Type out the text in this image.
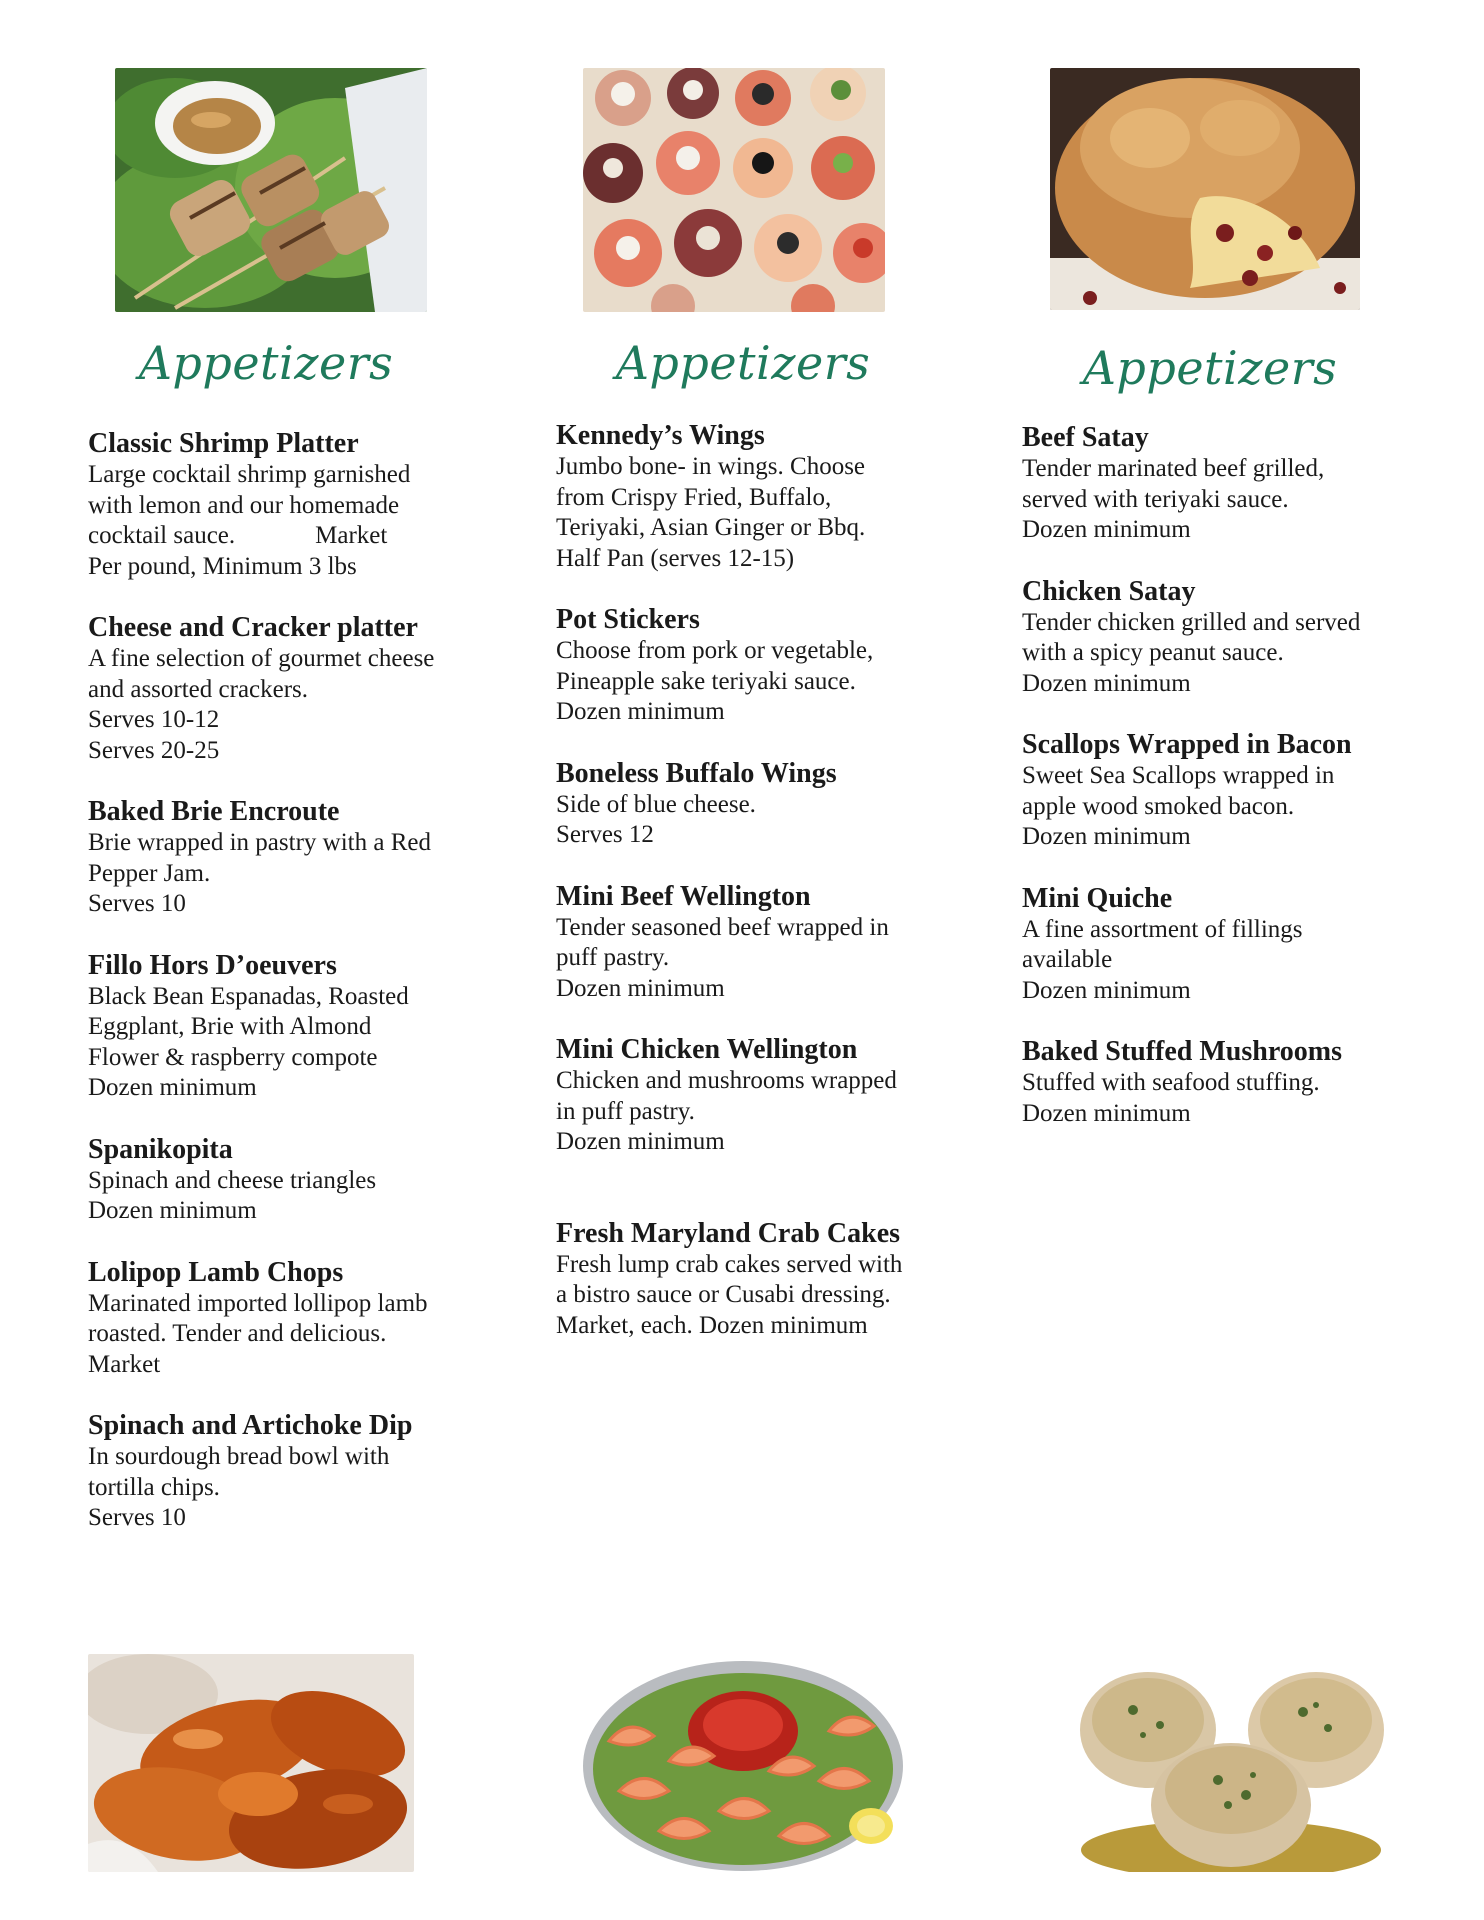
Appetizers	Appetizers	Appetizers

Classic Shrimp Platter

Large cocktail shrimp garnished

with lemon and our homemade

cocktail sauce.	Market

Per pound, Minimum 3 lbs

Cheese and Cracker platter

A fine selection of gourmet cheese

and assorted crackers.

Serves 10-12

Serves 20-25

Baked Brie Encroute

Brie wrapped in pastry with a Red

Pepper Jam.

Serves 10

Fillo Hors D’oeuvers

Black Bean Espanadas, Roasted

Eggplant, Brie with Almond

Flower & raspberry compote

Dozen minimum

Spanikopita

Spinach and cheese triangles

Dozen minimum

Lolipop Lamb Chops

Marinated imported lollipop lamb

roasted. Tender and delicious.

Market

Spinach and Artichoke Dip

In sourdough bread bowl with

tortilla chips.

Serves 10

Kennedy’s Wings

Jumbo bone- in wings. Choose

from Crispy Fried, Buffalo,

Teriyaki, Asian Ginger or Bbq.

Half Pan (serves 12-15)

Pot Stickers

Choose from pork or vegetable,

Pineapple sake teriyaki sauce.

Dozen minimum

Boneless Buffalo Wings

Side of blue cheese.

Serves 12

Mini Beef Wellington

Tender seasoned beef wrapped in

puff pastry.

Dozen minimum

Mini Chicken Wellington

Chicken and mushrooms wrapped

in puff pastry.

Dozen minimum

Fresh Maryland Crab Cakes

Fresh lump crab cakes served with

a bistro sauce or Cusabi dressing.

Market, each. Dozen minimum

Beef Satay

Tender marinated beef grilled,

served with teriyaki sauce.

Dozen minimum

Chicken Satay

Tender chicken grilled and served

with a spicy peanut sauce.

Dozen minimum

Scallops Wrapped in Bacon

Sweet Sea Scallops wrapped in

apple wood smoked bacon.

Dozen minimum

Mini Quiche

A fine assortment of fillings

available

Dozen minimum

Baked Stuffed Mushrooms

Stuffed with seafood stuffing.

Dozen minimum
